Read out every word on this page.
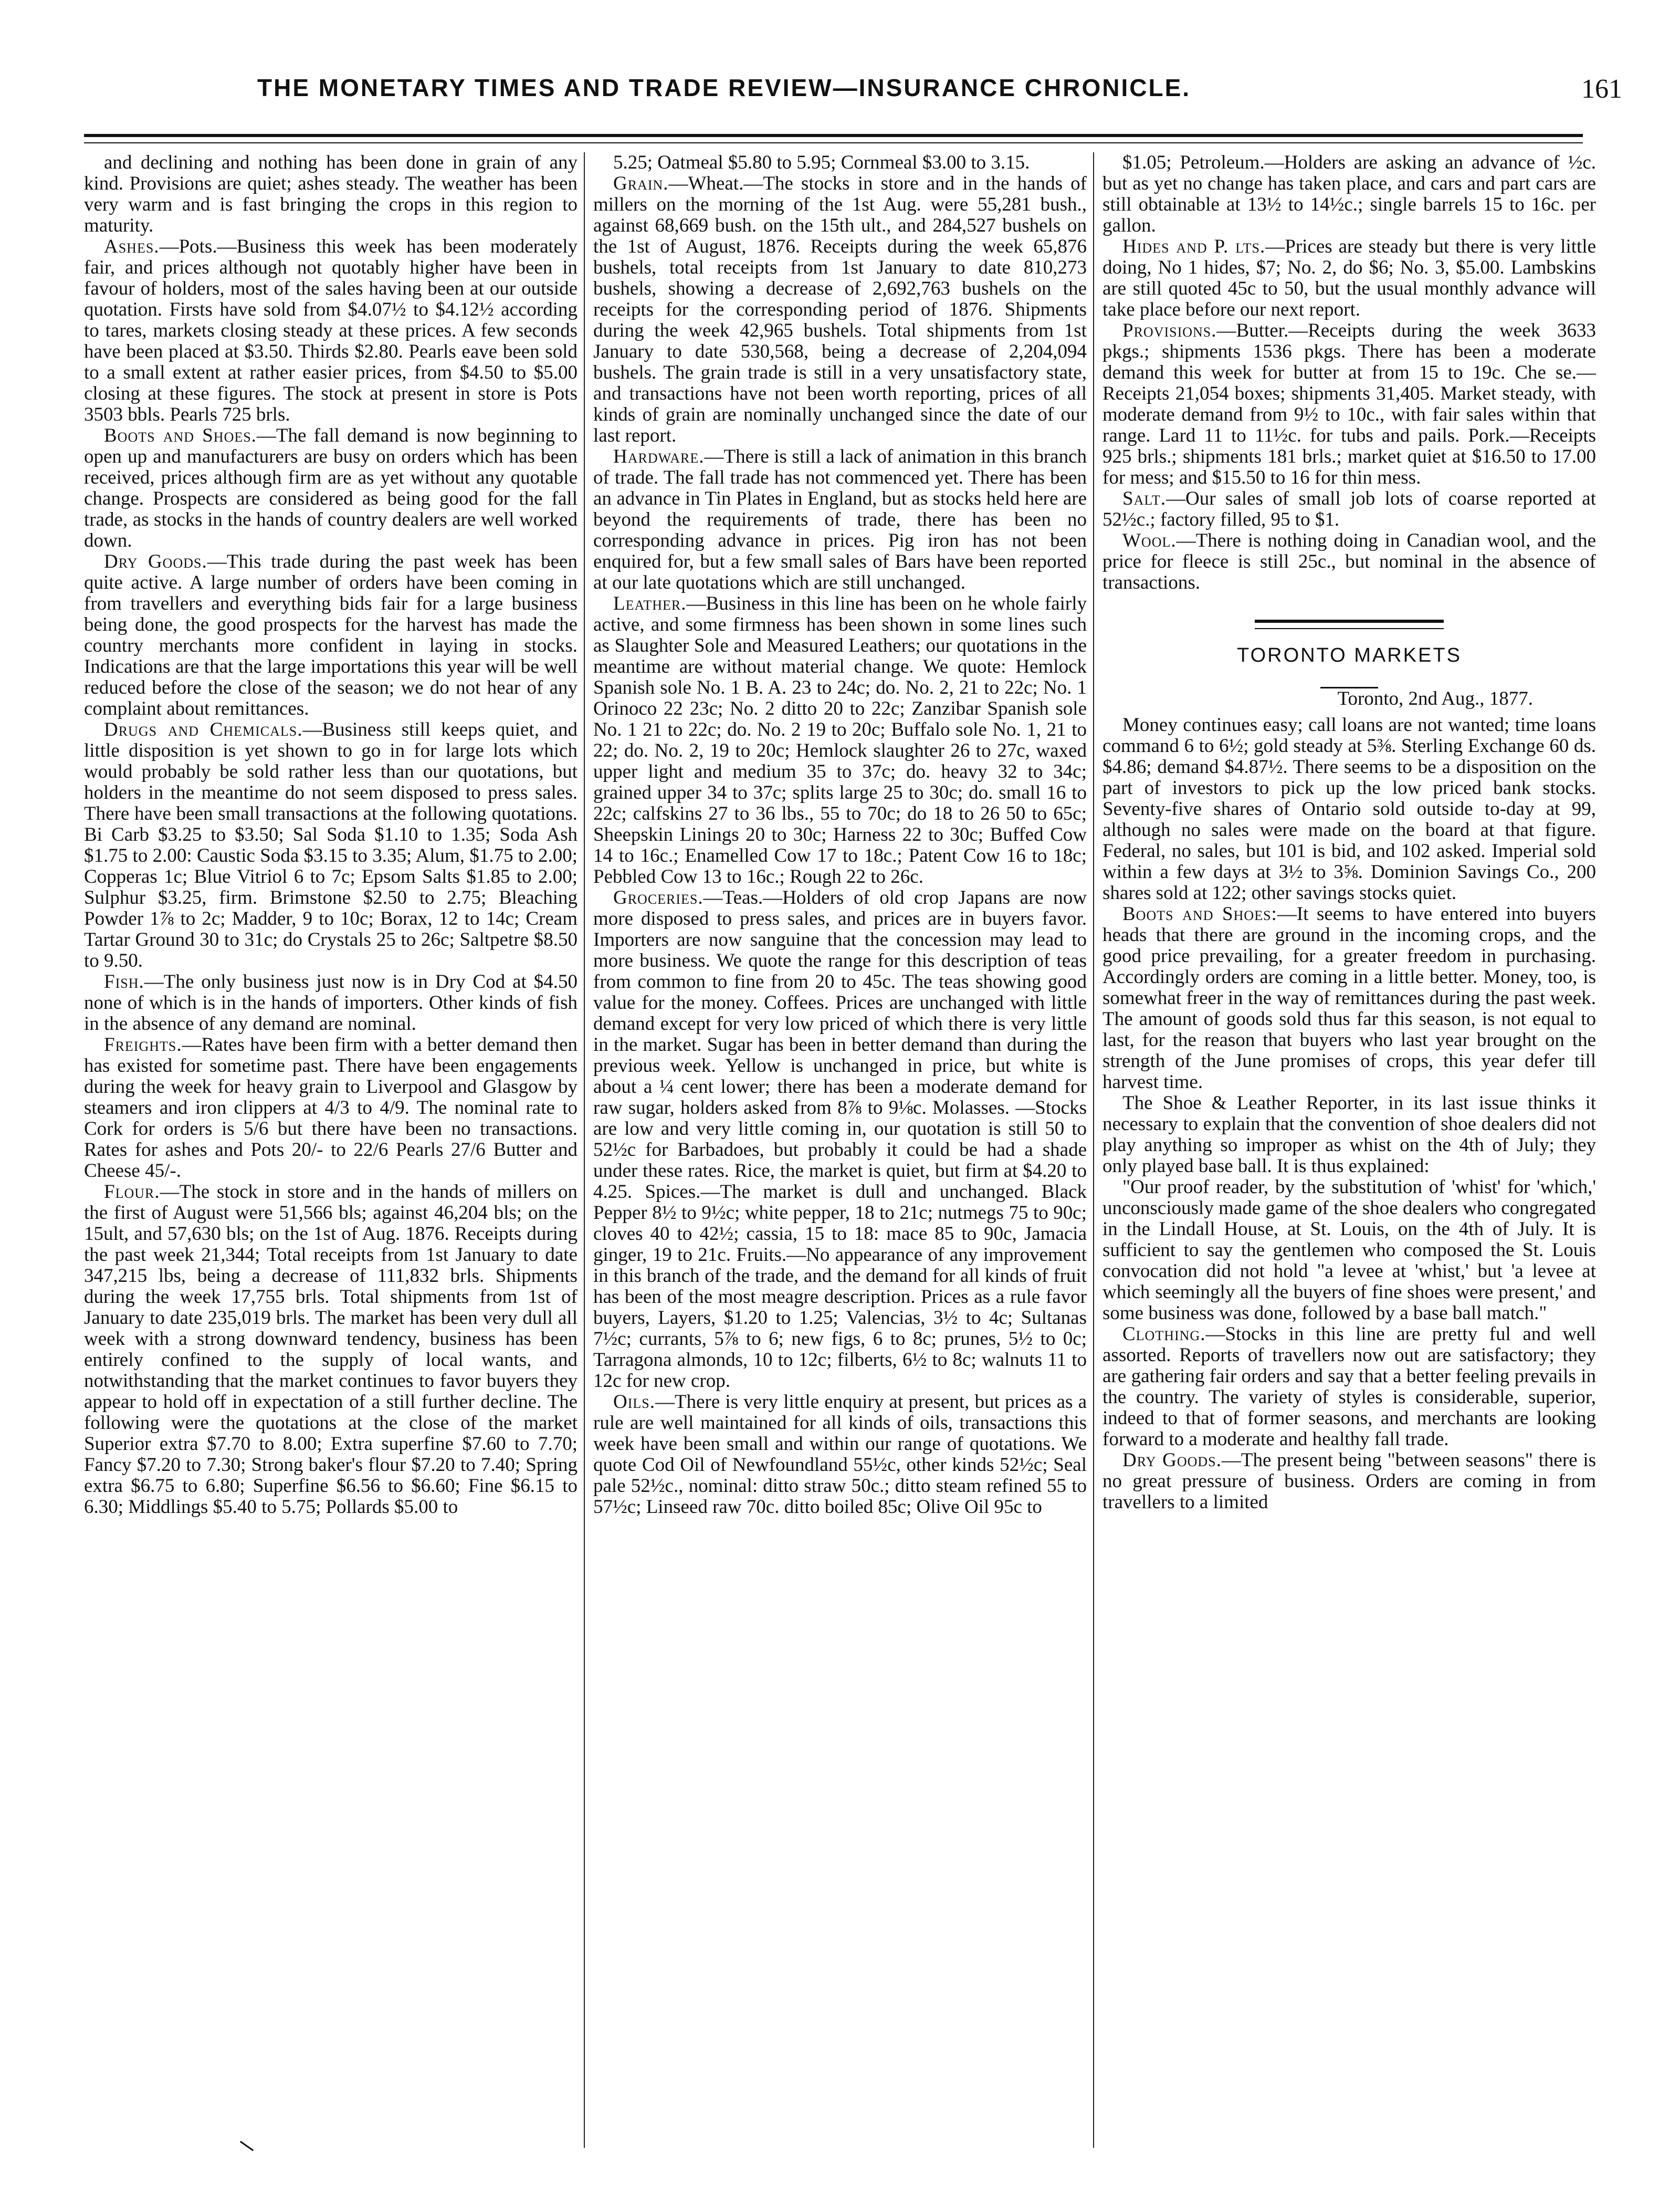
THE MONETARY TIMES AND TRADE REVIEW—INSURANCE CHRONICLE.	161

and declining and nothing has been done in grain of any kind. Provisions are quiet; ashes steady. The weather has been very warm and is fast bringing the crops in this region to maturity.

Ashes.—Pots.—Business this week has been moderately fair, and prices although not quotably higher have been in favour of holders, most of the sales having been at our outside quotation. Firsts have sold from $4.07½ to $4.12½ according to tares, markets closing steady at these prices. A few seconds have been placed at $3.50. Thirds $2.80. Pearls eave been sold to a small extent at rather easier prices, from $4.50 to $5.00 closing at these figures. The stock at present in store is Pots 3503 bbls. Pearls 725 brls.

Boots and Shoes.—The fall demand is now beginning to open up and manufacturers are busy on orders which has been received, prices although firm are as yet without any quotable change. Prospects are considered as being good for the fall trade, as stocks in the hands of country dealers are well worked down.

Dry Goods.—This trade during the past week has been quite active. A large number of orders have been coming in from travellers and everything bids fair for a large business being done, the good prospects for the harvest has made the country merchants more confident in laying in stocks. Indications are that the large importations this year will be well reduced before the close of the season; we do not hear of any complaint about remittances.

Drugs and Chemicals.—Business still keeps quiet, and little disposition is yet shown to go in for large lots which would probably be sold rather less than our quotations, but holders in the meantime do not seem disposed to press sales. There have been small transactions at the following quotations. Bi Carb $3.25 to $3.50; Sal Soda $1.10 to 1.35; Soda Ash $1.75 to 2.00: Caustic Soda $3.15 to 3.35; Alum, $1.75 to 2.00; Copperas 1c; Blue Vitriol 6 to 7c; Epsom Salts $1.85 to 2.00; Sulphur $3.25, firm. Brimstone $2.50 to 2.75; Bleaching Powder 1⅞ to 2c; Madder, 9 to 10c; Borax, 12 to 14c; Cream Tartar Ground 30 to 31c; do Crystals 25 to 26c; Saltpetre $8.50 to 9.50.

Fish.—The only business just now is in Dry Cod at $4.50 none of which is in the hands of importers. Other kinds of fish in the absence of any demand are nominal.

Freights.—Rates have been firm with a better demand then has existed for sometime past. There have been engagements during the week for heavy grain to Liverpool and Glasgow by steamers and iron clippers at 4/3 to 4/9. The nominal rate to Cork for orders is 5/6 but there have been no transactions. Rates for ashes and Pots 20/- to 22/6 Pearls 27/6 Butter and Cheese 45/-.

Flour.—The stock in store and in the hands of millers on the first of August were 51,566 bls; against 46,204 bls; on the 15ult, and 57,630 bls; on the 1st of Aug. 1876. Receipts during the past week 21,344; Total receipts from 1st January to date 347,215 lbs, being a decrease of 111,832 brls. Shipments during the week 17,755 brls. Total shipments from 1st of January to date 235,019 brls. The market has been very dull all week with a strong downward tendency, business has been entirely confined to the supply of local wants, and notwithstanding that the market continues to favor buyers they appear to hold off in expectation of a still further decline. The following were the quotations at the close of the market Superior extra $7.70 to 8.00; Extra superfine $7.60 to 7.70; Fancy $7.20 to 7.30; Strong baker's flour $7.20 to 7.40; Spring extra $6.75 to 6.80; Superfine $6.56 to $6.60; Fine $6.15 to 6.30; Middlings $5.40 to 5.75; Pollards $5.00 to

5.25; Oatmeal $5.80 to 5.95; Cornmeal $3.00 to 3.15.

Grain.—Wheat.—The stocks in store and in the hands of millers on the morning of the 1st Aug. were 55,281 bush., against 68,669 bush. on the 15th ult., and 284,527 bushels on the 1st of August, 1876. Receipts during the week 65,876 bushels, total receipts from 1st January to date 810,273 bushels, showing a decrease of 2,692,763 bushels on the receipts for the corresponding period of 1876. Shipments during the week 42,965 bushels. Total shipments from 1st January to date 530,568, being a decrease of 2,204,094 bushels. The grain trade is still in a very unsatisfactory state, and transactions have not been worth reporting, prices of all kinds of grain are nominally unchanged since the date of our last report.

Hardware.—There is still a lack of animation in this branch of trade. The fall trade has not commenced yet. There has been an advance in Tin Plates in England, but as stocks held here are beyond the requirements of trade, there has been no corresponding advance in prices. Pig iron has not been enquired for, but a few small sales of Bars have been reported at our late quotations which are still unchanged.

Leather.—Business in this line has been on he whole fairly active, and some firmness has been shown in some lines such as Slaughter Sole and Measured Leathers; our quotations in the meantime are without material change. We quote: Hemlock Spanish sole No. 1 B. A. 23 to 24c; do. No. 2, 21 to 22c; No. 1 Orinoco 22 23c; No. 2 ditto 20 to 22c; Zanzibar Spanish sole No. 1 21 to 22c; do. No. 2 19 to 20c; Buffalo sole No. 1, 21 to 22; do. No. 2, 19 to 20c; Hemlock slaughter 26 to 27c, waxed upper light and medium 35 to 37c; do. heavy 32 to 34c; grained upper 34 to 37c; splits large 25 to 30c; do. small 16 to 22c; calfskins 27 to 36 lbs., 55 to 70c; do 18 to 26 50 to 65c; Sheepskin Linings 20 to 30c; Harness 22 to 30c; Buffed Cow 14 to 16c.; Enamelled Cow 17 to 18c.; Patent Cow 16 to 18c; Pebbled Cow 13 to 16c.; Rough 22 to 26c.

Groceries.—Teas.—Holders of old crop Japans are now more disposed to press sales, and prices are in buyers favor. Importers are now sanguine that the concession may lead to more business. We quote the range for this description of teas from common to fine from 20 to 45c. The teas showing good value for the money. Coffees. Prices are unchanged with little demand except for very low priced of which there is very little in the market. Sugar has been in better demand than during the previous week. Yellow is unchanged in price, but white is about a ¼ cent lower; there has been a moderate demand for raw sugar, holders asked from 8⅞ to 9⅛c. Molasses. —Stocks are low and very little coming in, our quotation is still 50 to 52½c for Barbadoes, but probably it could be had a shade under these rates. Rice, the market is quiet, but firm at $4.20 to 4.25. Spices.—The market is dull and unchanged. Black Pepper 8½ to 9½c; white pepper, 18 to 21c; nutmegs 75 to 90c; cloves 40 to 42½; cassia, 15 to 18: mace 85 to 90c, Jamacia ginger, 19 to 21c. Fruits.—No appearance of any improvement in this branch of the trade, and the demand for all kinds of fruit has been of the most meagre description. Prices as a rule favor buyers, Layers, $1.20 to 1.25; Valencias, 3½ to 4c; Sultanas 7½c; currants, 5⅞ to 6; new figs, 6 to 8c; prunes, 5½ to 0c; Tarragona almonds, 10 to 12c; filberts, 6½ to 8c; walnuts 11 to 12c for new crop.

Oils.—There is very little enquiry at present, but prices as a rule are well maintained for all kinds of oils, transactions this week have been small and within our range of quotations. We quote Cod Oil of Newfoundland 55½c, other kinds 52½c; Seal pale 52½c., nominal: ditto straw 50c.; ditto steam refined 55 to 57½c; Linseed raw 70c. ditto boiled 85c; Olive Oil 95c to

$1.05; Petroleum.—Holders are asking an advance of ½c. but as yet no change has taken place, and cars and part cars are still obtainable at 13½ to 14½c.; single barrels 15 to 16c. per gallon.

Hides and P. lts.—Prices are steady but there is very little doing, No 1 hides, $7; No. 2, do $6; No. 3, $5.00. Lambskins are still quoted 45c to 50, but the usual monthly advance will take place before our next report.

Provisions.—Butter.—Receipts during the week 3633 pkgs.; shipments 1536 pkgs. There has been a moderate demand this week for butter at from 15 to 19c. Che se.—Receipts 21,054 boxes; shipments 31,405. Market steady, with moderate demand from 9½ to 10c., with fair sales within that range. Lard 11 to 11½c. for tubs and pails. Pork.—Receipts 925 brls.; shipments 181 brls.; market quiet at $16.50 to 17.00 for mess; and $15.50 to 16 for thin mess.

Salt.—Our sales of small job lots of coarse reported at 52½c.; factory filled, 95 to $1.

Wool.—There is nothing doing in Canadian wool, and the price for fleece is still 25c., but nominal in the absence of transactions.

TORONTO MARKETS
Toronto, 2nd Aug., 1877.

Money continues easy; call loans are not wanted; time loans command 6 to 6½; gold steady at 5⅜. Sterling Exchange 60 ds. $4.86; demand $4.87½. There seems to be a disposition on the part of investors to pick up the low priced bank stocks. Seventy-five shares of Ontario sold outside to-day at 99, although no sales were made on the board at that figure. Federal, no sales, but 101 is bid, and 102 asked. Imperial sold within a few days at 3½ to 3⅝. Dominion Savings Co., 200 shares sold at 122; other savings stocks quiet.

Boots and Shoes:—It seems to have entered into buyers heads that there are ground in the incoming crops, and the good price prevailing, for a greater freedom in purchasing. Accordingly orders are coming in a little better. Money, too, is somewhat freer in the way of remittances during the past week. The amount of goods sold thus far this season, is not equal to last, for the reason that buyers who last year brought on the strength of the June promises of crops, this year defer till harvest time.

The Shoe & Leather Reporter, in its last issue thinks it necessary to explain that the convention of shoe dealers did not play anything so improper as whist on the 4th of July; they only played base ball. It is thus explained:

"Our proof reader, by the substitution of 'whist' for 'which,' unconsciously made game of the shoe dealers who congregated in the Lindall House, at St. Louis, on the 4th of July. It is sufficient to say the gentlemen who composed the St. Louis convocation did not hold "a levee at 'whist,' but 'a levee at which seemingly all the buyers of fine shoes were present,' and some business was done, followed by a base ball match."

Clothing.—Stocks in this line are pretty ful and well assorted. Reports of travellers now out are satisfactory; they are gathering fair orders and say that a better feeling prevails in the country. The variety of styles is considerable, superior, indeed to that of former seasons, and merchants are looking forward to a moderate and healthy fall trade.

Dry Goods.—The present being "between seasons" there is no great pressure of business. Orders are coming in from travellers to a limited
